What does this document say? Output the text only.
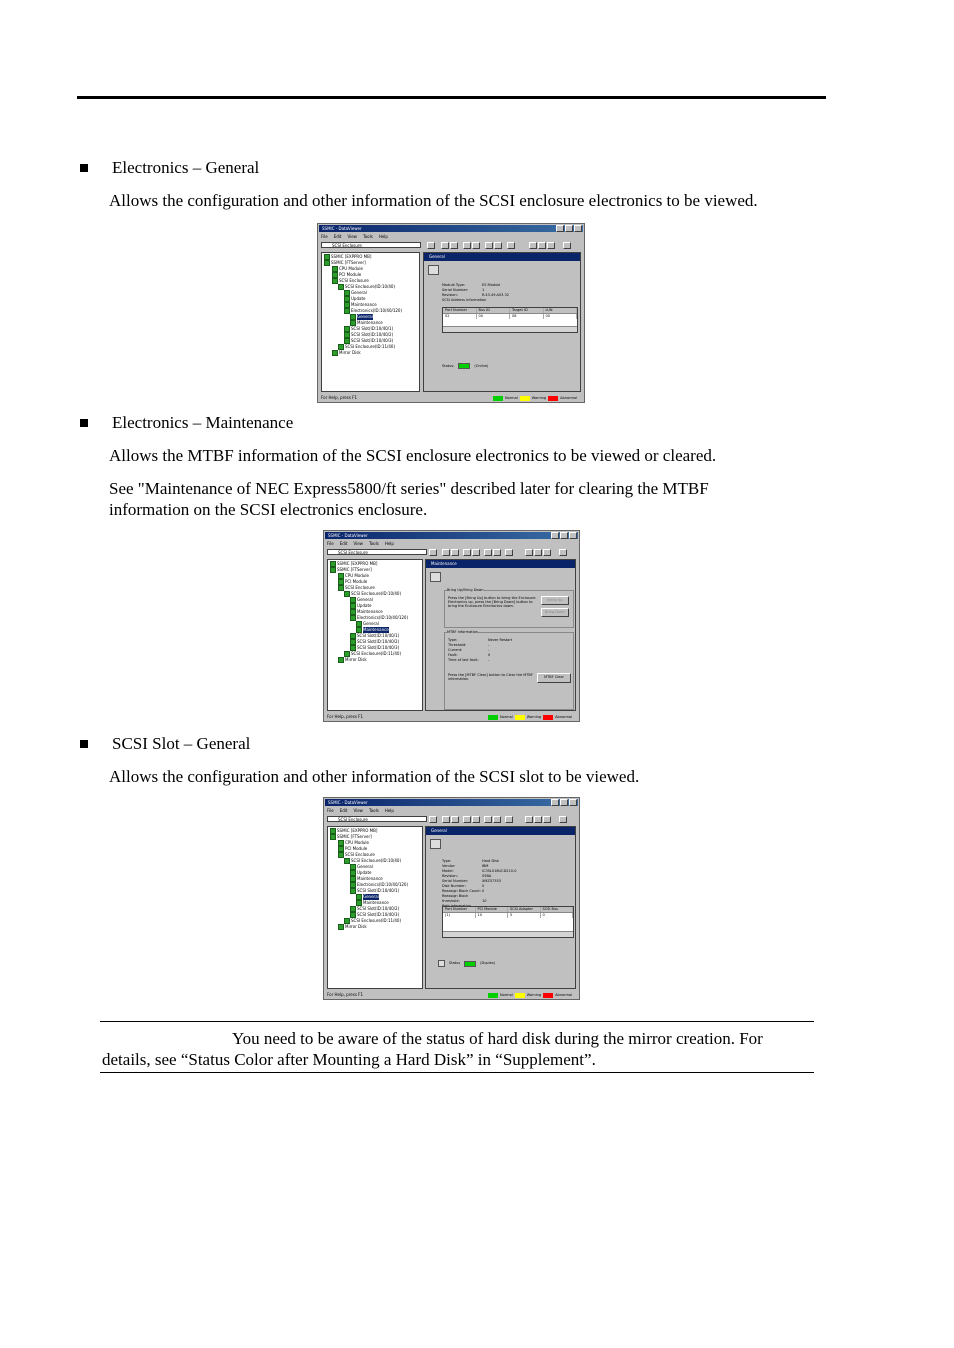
Electronics – General
Allows the configuration and other information of the SCSI enclosure electronics to be viewed.
SSMIC - DataViewer
File Edit View Tools Help
SCSI Enclosure
SSMIC [EXPPRO MB]
SSMIC [FTServer]
CPU Module
PCI Module
SCSI Enclosure
SCSI Enclosure(ID:10/40)
General
Update
Maintenance
Electronics(ID:10/40/120)
General
Maintenance
SCSI Slot(ID:10/40/1)
SCSI Slot(ID:10/40/2)
SCSI Slot(ID:10/40/3)
SCSI Enclosure(ID:11/40)
Mirror Disk
General
Module Type:	ES Module
Serial Number:	1
Revision:	R.43.49.A03.32
SCSI Address Information
Port Number	Bus ID	Target ID	LUN
02	00	08	00
Status:	(Online)
For Help, press F1	Normal	Warning	Abnormal
Electronics – Maintenance
Allows the MTBF information of the SCSI enclosure electronics to be viewed or cleared.
See "Maintenance of NEC Express5800/ft series" described later for clearing the MTBF information on the SCSI electronics enclosure.
SSMIC - DataViewer
File Edit View Tools Help
SCSI Enclosure
SSMIC [EXPPRO MB]
SSMIC [FTServer]
CPU Module
PCI Module
SCSI Enclosure
SCSI Enclosure(ID:10/40)
General
Update
Maintenance
Electronics(ID:10/40/120)
General
Maintenance
SCSI Slot(ID:10/40/1)
SCSI Slot(ID:10/40/2)
SCSI Slot(ID:10/40/3)
SCSI Enclosure(ID:11/40)
Mirror Disk
Maintenance
Bring Up/Bring Down
Press the [Bring Up] button to bring the Enclosure Electronics up, press the [Bring Down] button to bring the Enclosure Electronics down.
Bring Up
Bring Down
MTBF Information
Type:	Never Restart
Threshold:	-
Current:	-
Fault:	0
Time of last fault:	-
Press the [MTBF Clear] button to Clear the MTBF information.	MTBF Clear
For Help, press F1	Normal	Warning	Abnormal
SCSI Slot – General
Allows the configuration and other information of the SCSI slot to be viewed.
SSMIC - DataViewer
File Edit View Tools Help
SCSI Enclosure
SSMIC [EXPPRO MB]
SSMIC [FTServer]
CPU Module
PCI Module
SCSI Enclosure
SCSI Enclosure(ID:10/40)
General
Update
Maintenance
Electronics(ID:10/40/120)
SCSI Slot(ID:10/40/1)
General
Maintenance
SCSI Slot(ID:10/40/2)
SCSI Slot(ID:10/40/3)
SCSI Enclosure(ID:11/40)
Mirror Disk
General
Type:	Hard Disk
Vendor:	IBM
Model:	IC35L018UCD210-0
Revision:	S5BA
Serial Number:	XMZ57353
Disk Number:	0
Reassign Block Count:0
Reassign Block threshold:	10
Port Number	PCI Module	SCSI Adapter	SCSI Bus
(1)	10	5	0
Status	(Duplex)
For Help, press F1	Normal	Warning	Abnormal
You need to be aware of the status of hard disk during the mirror creation. For details, see “Status Color after Mounting a Hard Disk” in “Supplement”.
